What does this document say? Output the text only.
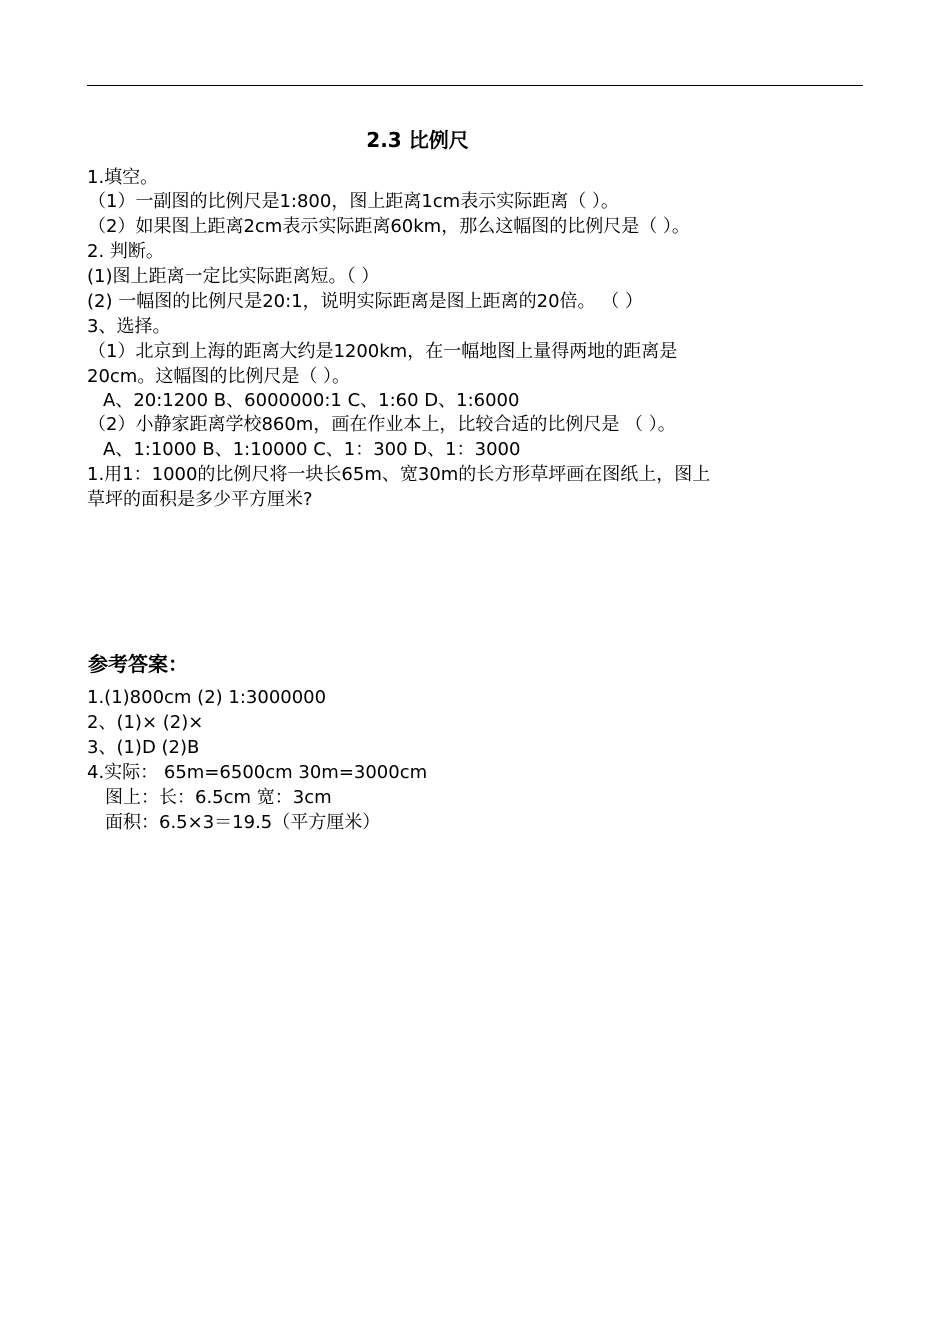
2.3 比例尺
1.填空。
（1）一副图的比例尺是1:800，图上距离1cm表示实际距离（ ）。
（2）如果图上距离2cm表示实际距离60km，那么这幅图的比例尺是（ ）。
2. 判断。
(1)图上距离一定比实际距离短。（ ）
(2) 一幅图的比例尺是20:1，说明实际距离是图上距离的20倍。 （ ）
3、选择。
（1）北京到上海的距离大约是1200km，在一幅地图上量得两地的距离是
20cm。这幅图的比例尺是（ ）。
A、20:1200 B、6000000:1 C、1:60 D、1:6000
（2）小静家距离学校860m，画在作业本上，比较合适的比例尺是 （ ）。
A、1:1000 B、1:10000 C、1：300 D、1：3000
1.用1：1000的比例尺将一块长65m、宽30m的长方形草坪画在图纸上，图上
草坪的面积是多少平方厘米?
参考答案：
1.(1)800cm (2) 1:3000000
2、(1)× (2)×
3、(1)D (2)B
4.实际： 65m=6500cm 30m=3000cm
图上：长：6.5cm 宽：3cm
面积：6.5×3＝19.5（平方厘米）
